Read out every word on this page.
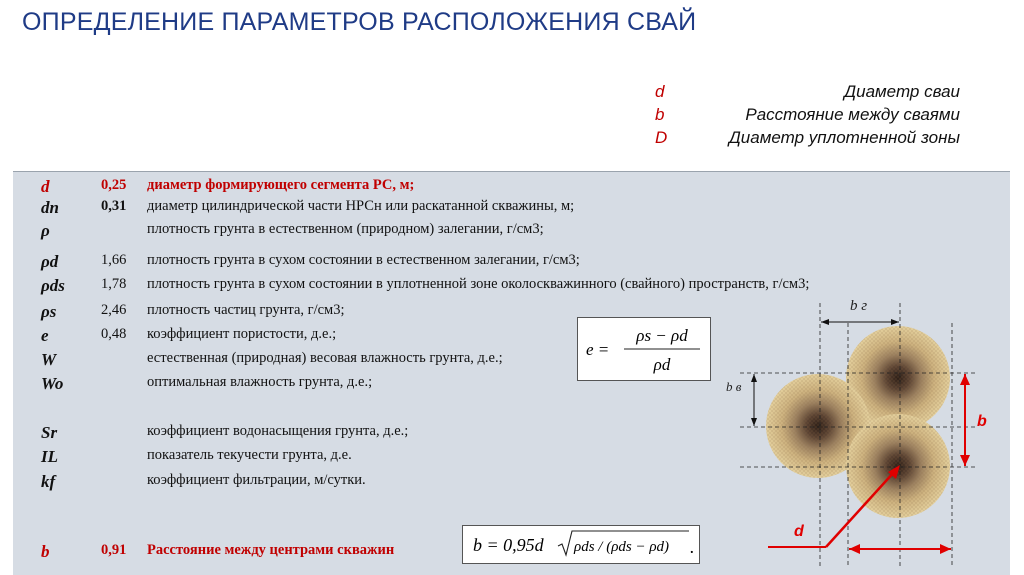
ОПРЕДЕЛЕНИЕ ПАРАМЕТРОВ РАСПОЛОЖЕНИЯ СВАЙ
d	Диаметр сваи
b	Расстояние между сваями
D	Диаметр уплотненной зоны
d	0,25	диаметр формирующего сегмента РС, м;
dn	0,31	диаметр цилиндрической части НРСн или раскатанной скважины, м;
ρ	плотность грунта в естественном (природном) залегании, г/см3;
ρd	1,66	плотность грунта в сухом состоянии в естественном залегании, г/см3;
ρds	1,78	плотность грунта в сухом состоянии в уплотненной зоне околоскважинного (свайного) пространств, г/см3;
ρs	2,46	плотность частиц грунта, г/см3;
e	0,48	коэффициент пористости, д.е.;
W	естественная (природная) весовая влажность грунта, д.е.;
Wo	оптимальная влажность грунта, д.е.;
Sr	коэффициент водонасыщения грунта, д.е.;
IL	показатель текучести грунта, д.е.
kf	коэффициент фильтрации, м/сутки.
b	0,91	Расстояние между центрами скважин
e =
ρs − ρd
ρd
b = 0,95d ρds / (ρds − ρd) .
b г
b в
b
d
